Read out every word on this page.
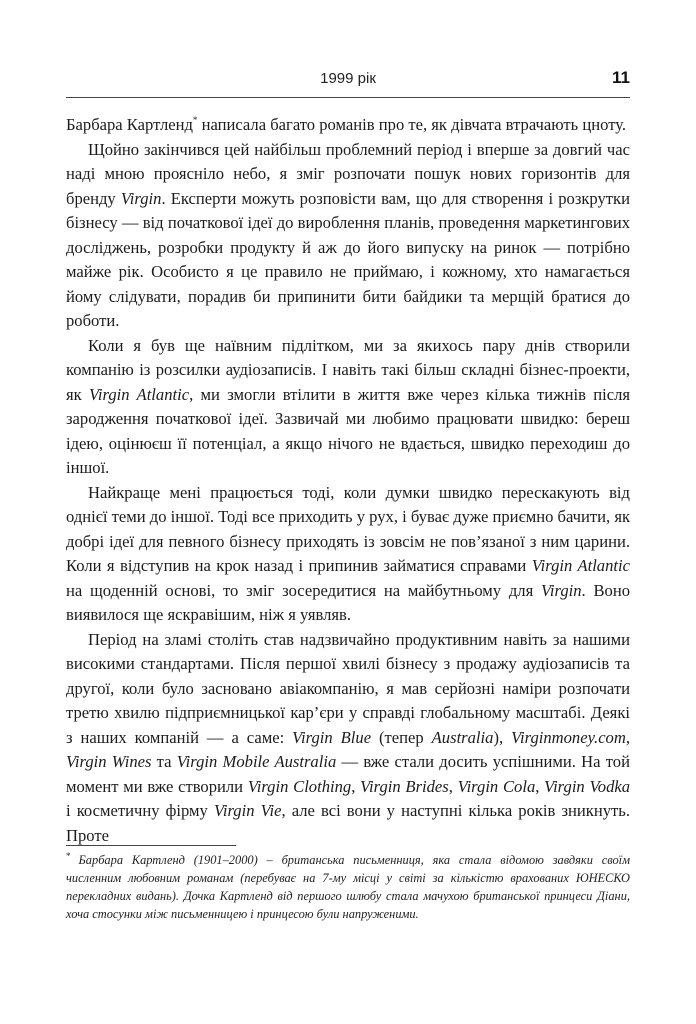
1999 рік	11

Барбара Картленд* написала багато романів про те, як дівчата втрачають цноту.

Щойно закінчився цей найбільш проблемний період і вперше за довгий час наді мною прояснілo небо, я зміг розпочати пошук нових горизонтів для бренду Virgin. Експерти можуть розповісти вам, що для створення і розкрутки бізнесу — від початкової ідеї до вироблення планів, проведення маркетингових досліджень, розробки продукту й аж до його випуску на ринок — потрібно майже рік. Особисто я це правило не приймаю, і кожному, хто намагається йому слідувати, порадив би припинити бити байдики та мерщій братися до роботи.

Коли я був ще наївним підлітком, ми за якихось пару днів створили компанію із розсилки аудіозаписів. І навіть такі більш складні бізнес-проекти, як Virgin Atlantic, ми змогли втілити в життя вже через кілька тижнів після зародження початкової ідеї. Зазвичай ми любимо працювати швидко: береш ідею, оцінюєш її потенціал, а якщо нічого не вдається, швидко переходиш до іншої.

Найкраще мені працюється тоді, коли думки швидко перескакують від однієї теми до іншої. Тоді все приходить у рух, і буває дуже приємно бачити, як добрі ідеї для певного бізнесу приходять із зовсім не пов’язаної з ним царини. Коли я відступив на крок назад і припинив займатися справами Virgin Atlantic на щоденній основі, то зміг зосередитися на майбутньому для Virgin. Воно виявилося ще яскравішим, ніж я уявляв.

Період на зламі століть став надзвичайно продуктивним навіть за нашими високими стандартами. Після першої хвилі бізнесу з продажу аудіозаписів та другої, коли було засновано авіакомпанію, я мав серйозні наміри розпочати третю хвилю підприємницької кар’єри у справді глобальному масштабі. Деякі з наших компаній — а саме: Virgin Blue (тепер Australia), Virginmoney.com, Virgin Wines та Virgin Mobile Australia — вже стали досить успішними. На той момент ми вже створили Virgin Clothing, Virgin Brides, Virgin Cola, Virgin Vodka і косметичну фірму Virgin Vie, але всі вони у наступні кілька років зникнуть. Проте

* Барбара Картленд (1901–2000) – британська письменниця, яка стала відомою завдяки своїм численним любовним романам (перебуває на 7-му місці у світі за кількістю врахованих ЮНЕСКО перекладних видань). Дочка Картленд від першого шлюбу стала мачухою британської принцеси Діани, хоча стосунки між письменницею і принцесою були напруженими.
